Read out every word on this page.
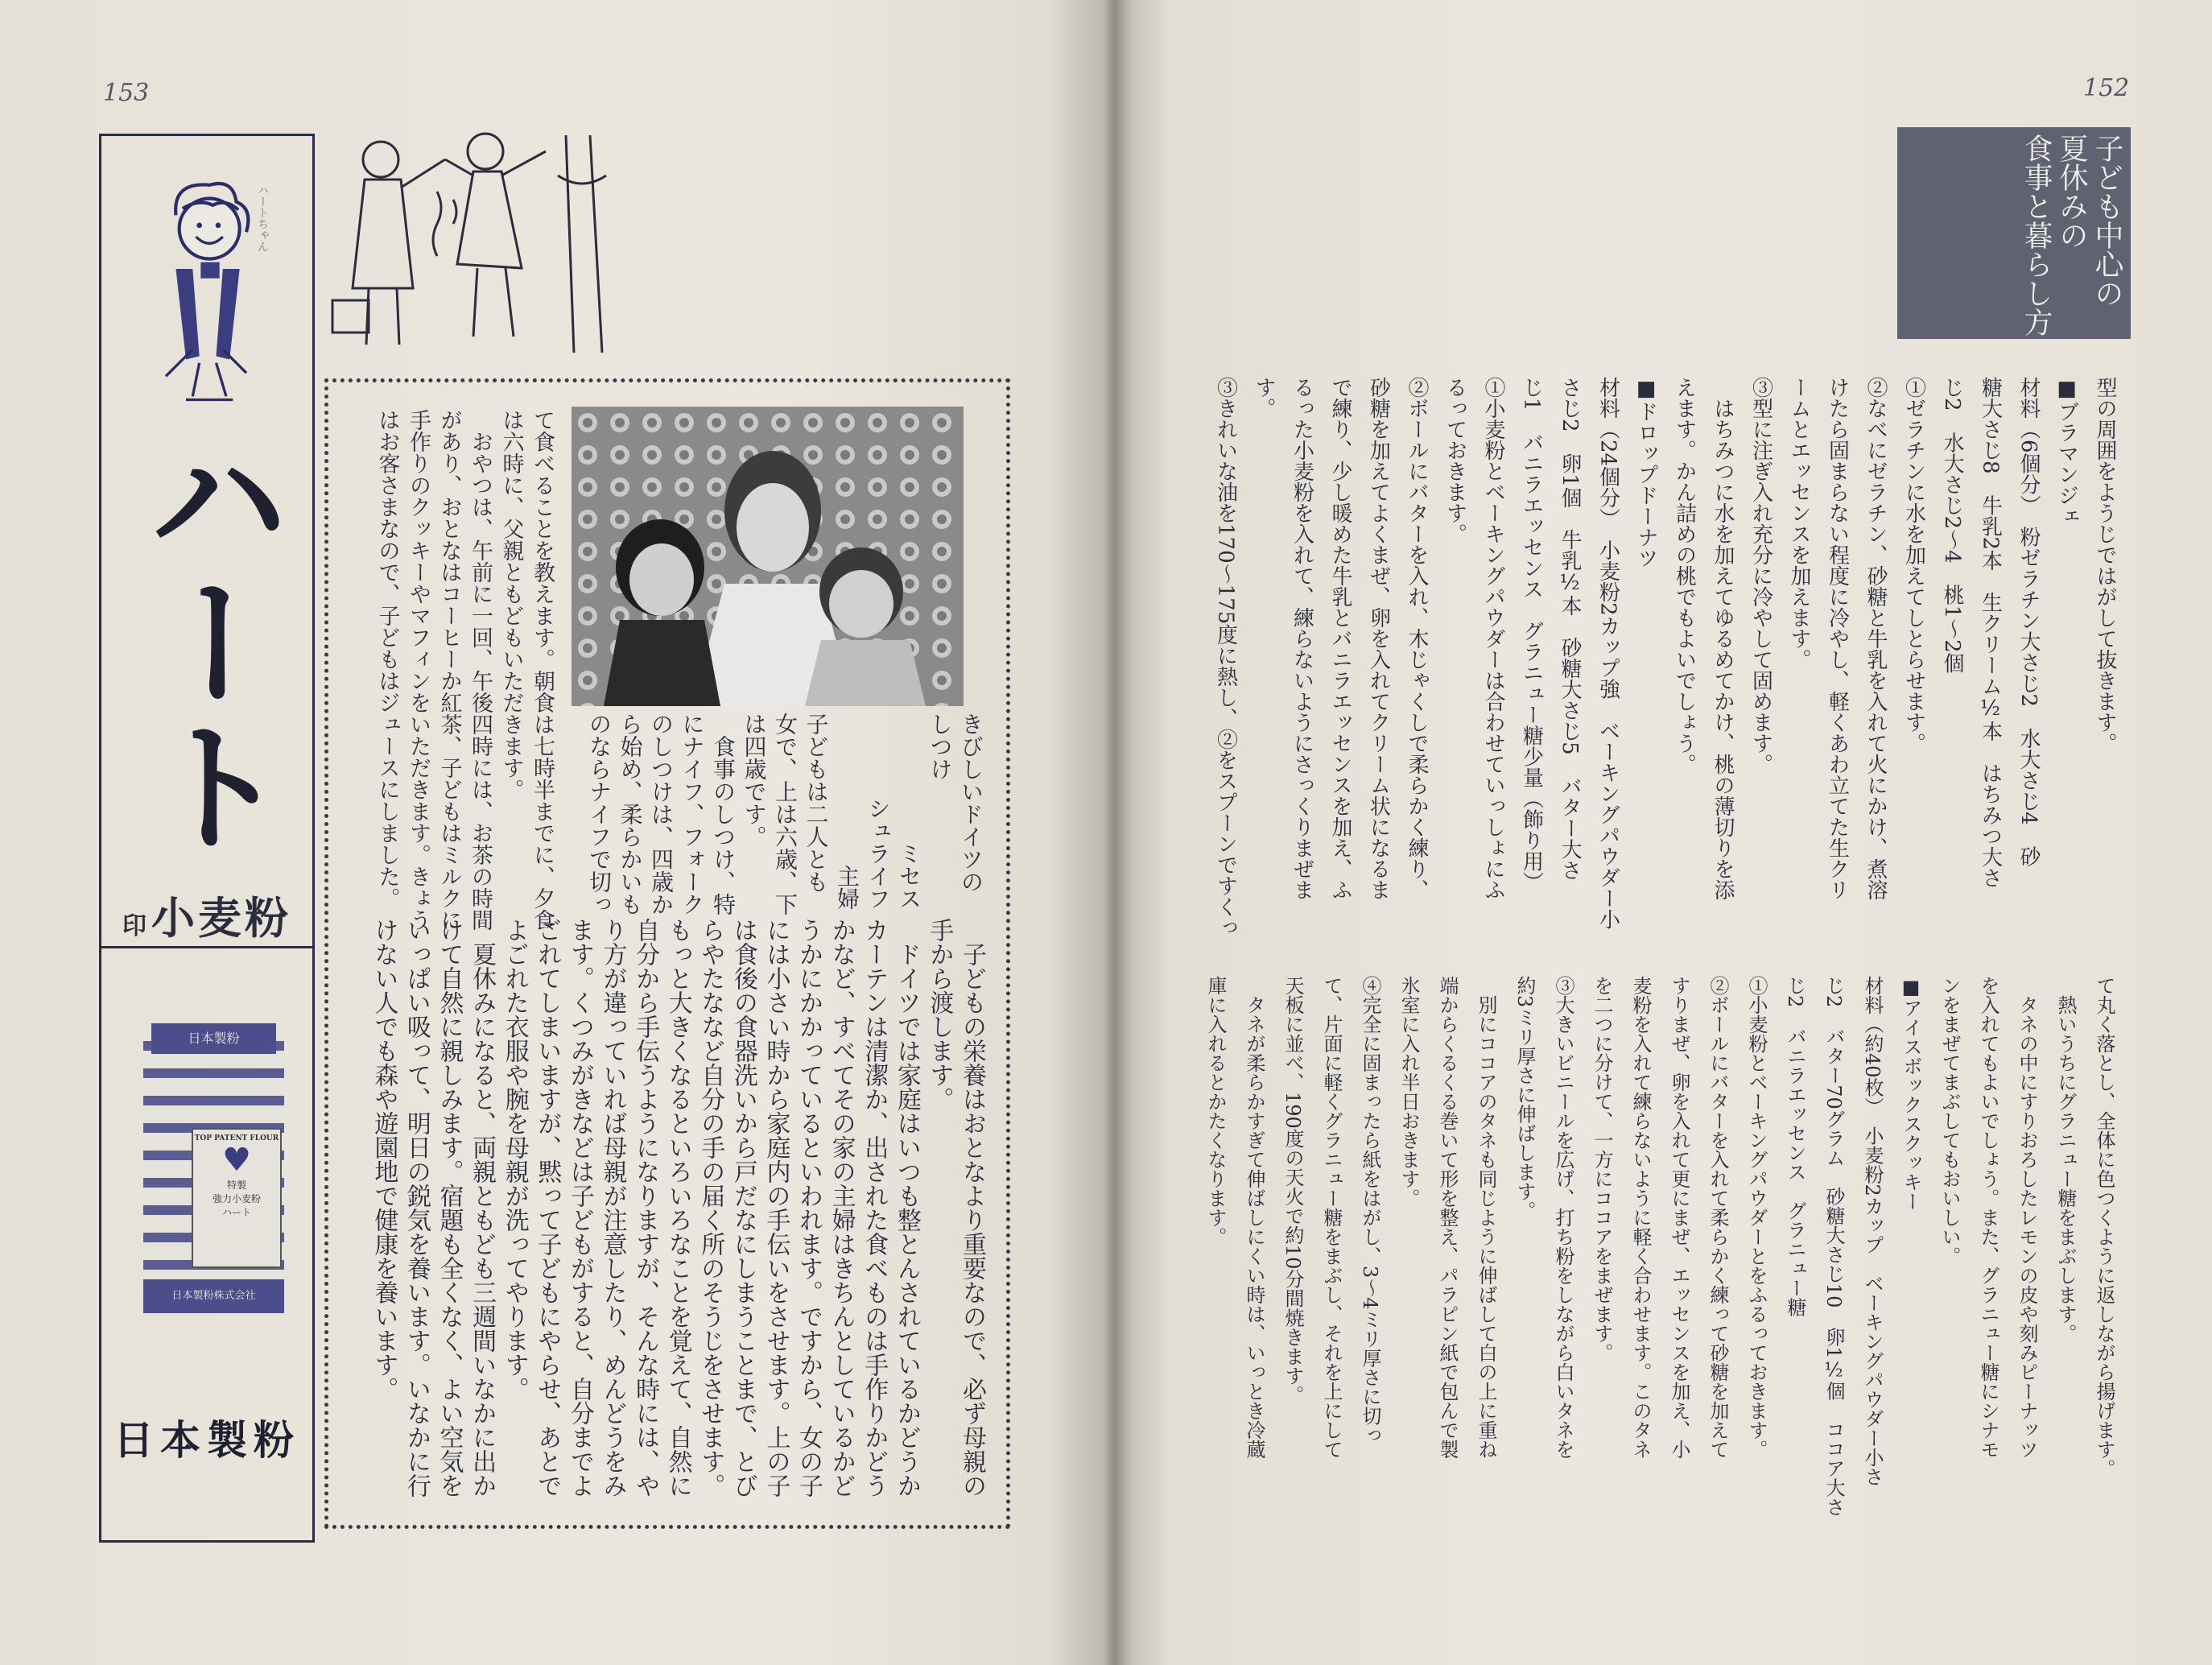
153
ハートちゃん
ハート
印 小麦粉
日本製粉
TOP PATENT FLOUR
♥
特製
強力小麦粉
ハート
日本製粉株式会社
日本製粉
きびしいドイツの
しつけ
ミセス
シュライフ
主婦
子どもは二人とも
女で、上は六歳、下
は四歳です。
　食事のしつけ、特
にナイフ、フォーク
のしつけは、四歳か
ら始め、柔らかいも
のならナイフで切っ
て食べることを教えます。朝食は七時半までに、夕食
は六時に、父親ともどもいただきます。
　おやつは、午前に一回、午後四時には、お茶の時間
があり、おとなはコーヒーか紅茶、子どもはミルクに
手作りのクッキーやマフィンをいただきます。きょう
はお客さまなので、子どもはジュースにしました。
　子どもの栄養はおとなより重要なので、必ず母親の
手から渡します。
　ドイツでは家庭はいつも整とんされているかどうか
カーテンは清潔か、出された食べものは手作りかどう
かなど、すべてその家の主婦はきちんとしているかど
うかにかかっているといわれます。ですから、女の子
には小さい時から家庭内の手伝いをさせます。上の子
は食後の食器洗いから戸だなにしまうことまで、とび
らやたななど自分の手の届く所のそうじをさせます。
もっと大きくなるといろいろなことを覚えて、自然に
自分から手伝うようになりますが、そんな時には、や
り方が違っていれば母親が注意したり、めんどうをみ
ます。くつみがきなどは子どもがすると、自分までよ
ごれてしまいますが、黙って子どもにやらせ、あとで
よごれた衣服や腕を母親が洗ってやります。
　夏休みになると、両親ともども三週間いなかに出か
けて自然に親しみます。宿題も全くなく、よい空気を
いっぱい吸って、明日の鋭気を養います。いなかに行
けない人でも森や遊園地で健康を養います。
152
子ども中心の
夏休みの
食事と暮らし方
型の周囲をようじではがして抜きます。
■ブラマンジェ
材料（6個分）　粉ゼラチン大さじ2　水大さじ4　砂
糖大さじ8　牛乳2本　生クリーム½本　はちみつ大さ
じ2　水大さじ2〜4　桃1〜2個
①ゼラチンに水を加えてしとらせます。
②なべにゼラチン、砂糖と牛乳を入れて火にかけ、煮溶
けたら固まらない程度に冷やし、軽くあわ立てた生クリ
ームとエッセンスを加えます。
③型に注ぎ入れ充分に冷やして固めます。
　はちみつに水を加えてゆるめてかけ、桃の薄切りを添
えます。かん詰めの桃でもよいでしょう。
■ドロップドーナツ
材料（24個分）　小麦粉2カップ強　ベーキングパウダー小
さじ2　卵1個　牛乳½本　砂糖大さじ5　バター大さ
じ1　バニラエッセンス　グラニュー糖少量（飾り用）
①小麦粉とベーキングパウダーは合わせていっしょにふ
るっておきます。
②ボールにバターを入れ、木じゃくしで柔らかく練り、
砂糖を加えてよくまぜ、卵を入れてクリーム状になるま
で練り、少し暖めた牛乳とバニラエッセンスを加え、ふ
るった小麦粉を入れて、練らないようにさっくりまぜま
す。
③きれいな油を170〜175度に熱し、②をスプーンですくっ
て丸く落とし、全体に色つくように返しながら揚げます。
　熱いうちにグラニュー糖をまぶします。
　タネの中にすりおろしたレモンの皮や刻みピーナッツ
を入れてもよいでしょう。また、グラニュー糖にシナモ
ンをまぜてまぶしてもおいしい。
■アイスボックスクッキー
材料（約40枚）　小麦粉2カップ　ベーキングパウダー小さ
じ2　バター70グラム　砂糖大さじ10　卵1½個　ココア大さ
じ2　バニラエッセンス　グラニュー糖
①小麦粉とベーキングパウダーとをふるっておきます。
②ボールにバターを入れて柔らかく練って砂糖を加えて
すりまぜ、卵を入れて更にまぜ、エッセンスを加え、小
麦粉を入れて練らないように軽く合わせます。このタネ
を二つに分けて、一方にココアをまぜます。
③大きいビニールを広げ、打ち粉をしながら白いタネを
約3ミリ厚さに伸ばします。
　別にココアのタネも同じように伸ばして白の上に重ね
端からくるくる巻いて形を整え、パラピン紙で包んで製
氷室に入れ半日おきます。
④完全に固まったら紙をはがし、3〜4ミリ厚さに切っ
て、片面に軽くグラニュー糖をまぶし、それを上にして
天板に並べ、190度の天火で約10分間焼きます。
　タネが柔らかすぎて伸ばしにくい時は、いっとき冷蔵
庫に入れるとかたくなります。
